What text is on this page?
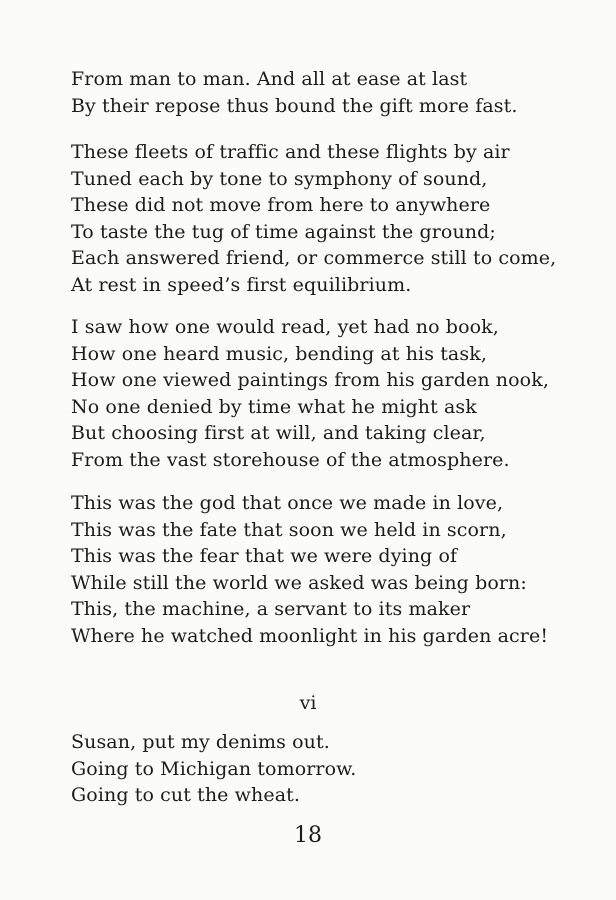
From man to man. And all at ease at last
By their repose thus bound the gift more fast.
These fleets of traffic and these flights by air
Tuned each by tone to symphony of sound,
These did not move from here to anywhere
To taste the tug of time against the ground;
Each answered friend, or commerce still to come,
At rest in speed’s first equilibrium.
I saw how one would read, yet had no book,
How one heard music, bending at his task,
How one viewed paintings from his garden nook,
No one denied by time what he might ask
But choosing first at will, and taking clear,
From the vast storehouse of the atmosphere.
This was the god that once we made in love,
This was the fate that soon we held in scorn,
This was the fear that we were dying of
While still the world we asked was being born:
This, the machine, a servant to its maker
Where he watched moonlight in his garden acre!
vi
Susan, put my denims out.
Going to Michigan tomorrow.
Going to cut the wheat.
18
